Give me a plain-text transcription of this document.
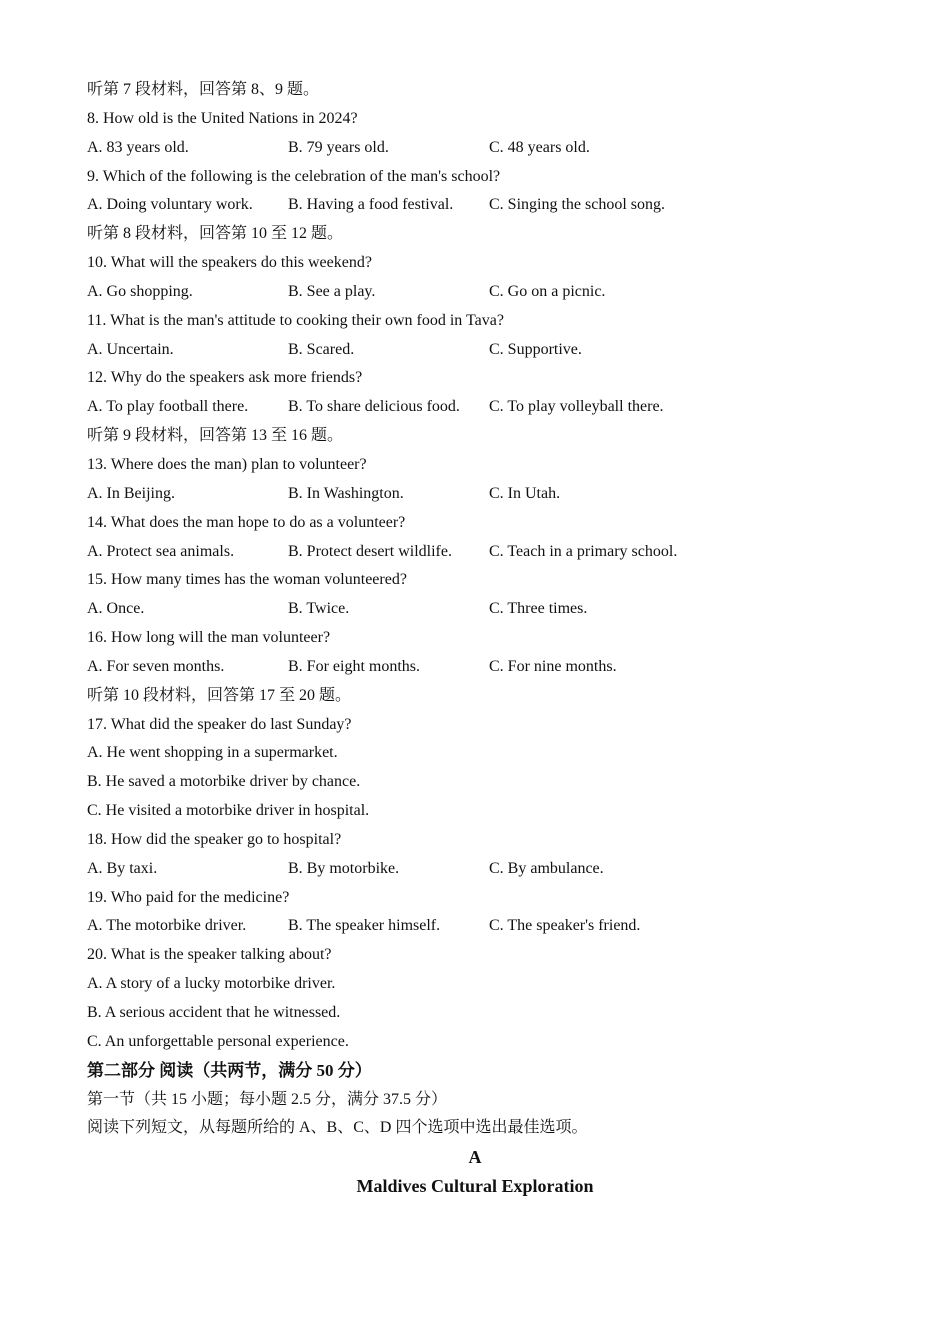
听第 7 段材料，回答第 8、9 题。
8. How old is the United Nations in 2024?
A. 83 years old.	B. 79 years old.	C. 48 years old.
9. Which of the following is the celebration of the man's school?
A. Doing voluntary work.	B. Having a food festival.	C. Singing the school song.
听第 8 段材料，回答第 10 至 12 题。
10. What will the speakers do this weekend?
A. Go shopping.	B. See a play.	C. Go on a picnic.
11. What is the man's attitude to cooking their own food in Tava?
A. Uncertain.	B. Scared.	C. Supportive.
12. Why do the speakers ask more friends?
A. To play football there.	B. To share delicious food.	C. To play volleyball there.
听第 9 段材料，回答第 13 至 16 题。
13. Where does the man) plan to volunteer?
A. In Beijing.	B. In Washington.	C. In Utah.
14. What does the man hope to do as a volunteer?
A. Protect sea animals.	B. Protect desert wildlife.	C. Teach in a primary school.
15. How many times has the woman volunteered?
A. Once.	B. Twice.	C. Three times.
16. How long will the man volunteer?
A. For seven months.	B. For eight months.	C. For nine months.
听第 10 段材料，回答第 17 至 20 题。
17. What did the speaker do last Sunday?
A. He went shopping in a supermarket.
B. He saved a motorbike driver by chance.
C. He visited a motorbike driver in hospital.
18. How did the speaker go to hospital?
A. By taxi.	B. By motorbike.	C. By ambulance.
19. Who paid for the medicine?
A. The motorbike driver.	B. The speaker himself.	C. The speaker's friend.
20. What is the speaker talking about?
A. A story of a lucky motorbike driver.
B. A serious accident that he witnessed.
C. An unforgettable personal experience.
第二部分 阅读（共两节，满分 50 分）
第一节（共 15 小题；每小题 2.5 分，满分 37.5 分）
阅读下列短文，从每题所给的 A、B、C、D 四个选项中选出最佳选项。
A
Maldives Cultural Exploration
